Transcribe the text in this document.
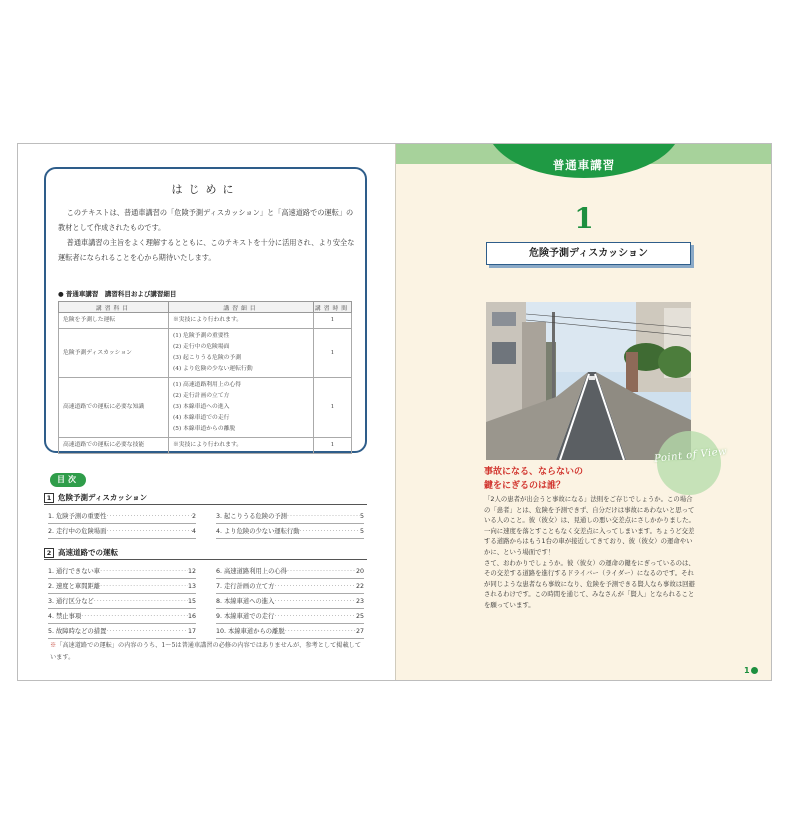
はじめに

このテキストは、普通車講習の「危険予測ディスカッション」と「高速道路での運転」の教材として作成されたものです。

普通車講習の主旨をよく理解するとともに、このテキストを十分に活用され、より安全な運転者になられることを心から期待いたします。

● 普通車講習　講習科目および講習細目
講習科目	講習細目	講習時間
危険を予測した運転	※実技により行われます。	1
危険予測ディスカッション	(1) 危険予測の重要性
(2) 走行中の危険場面
(3) 起こりうる危険の予測
(4) より危険の少ない運転行動	1
高速道路での運転に必要な知識	(1) 高速道路利用上の心得
(2) 走行計画の立て方
(3) 本線車道への進入
(4) 本線車道での走行
(5) 本線車道からの離脱	1
高速道路での運転に必要な技能	※実技により行われます。	1
目次
1 危険予測ディスカッション
1. 危険予測の重要性 ·····	2
2. 走行中の危険場面 ·····	4
3. 起こりうる危険の予測 ·····	5
4. より危険の少ない運転行動 ·····	5
2 高速道路での運転
1. 通行できない車 ·····	12
2. 速度と車間距離 ·····	13
3. 通行区分など ·····	15
4. 禁止事項 ·····	16
5. 故障時などの措置 ·····	17
6. 高速道路利用上の心得 ·····	20
7. 走行計画の立て方 ·····	22
8. 本線車道への進入 ·····	23
9. 本線車道での走行 ·····	25
10. 本線車道からの離脱 ·····	27
※「高速道路での運転」の内容のうち、1〜5は普通車講習の必修の内容ではありませんが、参考として掲載しています。
普通車講習
1
危険予測ディスカッション
Point of View
事故になる、ならないの
鍵をにぎるのは誰？

「2人の患者が出会うと事故になる」法則をご存じでしょうか。この場合の「患者」とは、危険を予測できず、自分だけは事故にあわないと思っている人のこと。彼（彼女）は、見通しの悪い交差点にさしかかりました。一向に速度を落とすこともなく交差点に入ってしまいます。ちょうど交差する道路からはもう1台の車が接近してきており、彼（彼女）の運命やいかに、という場面です！

さて、おわかりでしょうか。彼（彼女）の運命の鍵をにぎっているのは、その交差する道路を進行するドライバー（ライダー）になるのです。それが同じような患者なら事故になり、危険を予測できる賢人なら事故は回避されるわけです。この時間を通じて、みなさんが「賢人」となられることを願っています。

1
